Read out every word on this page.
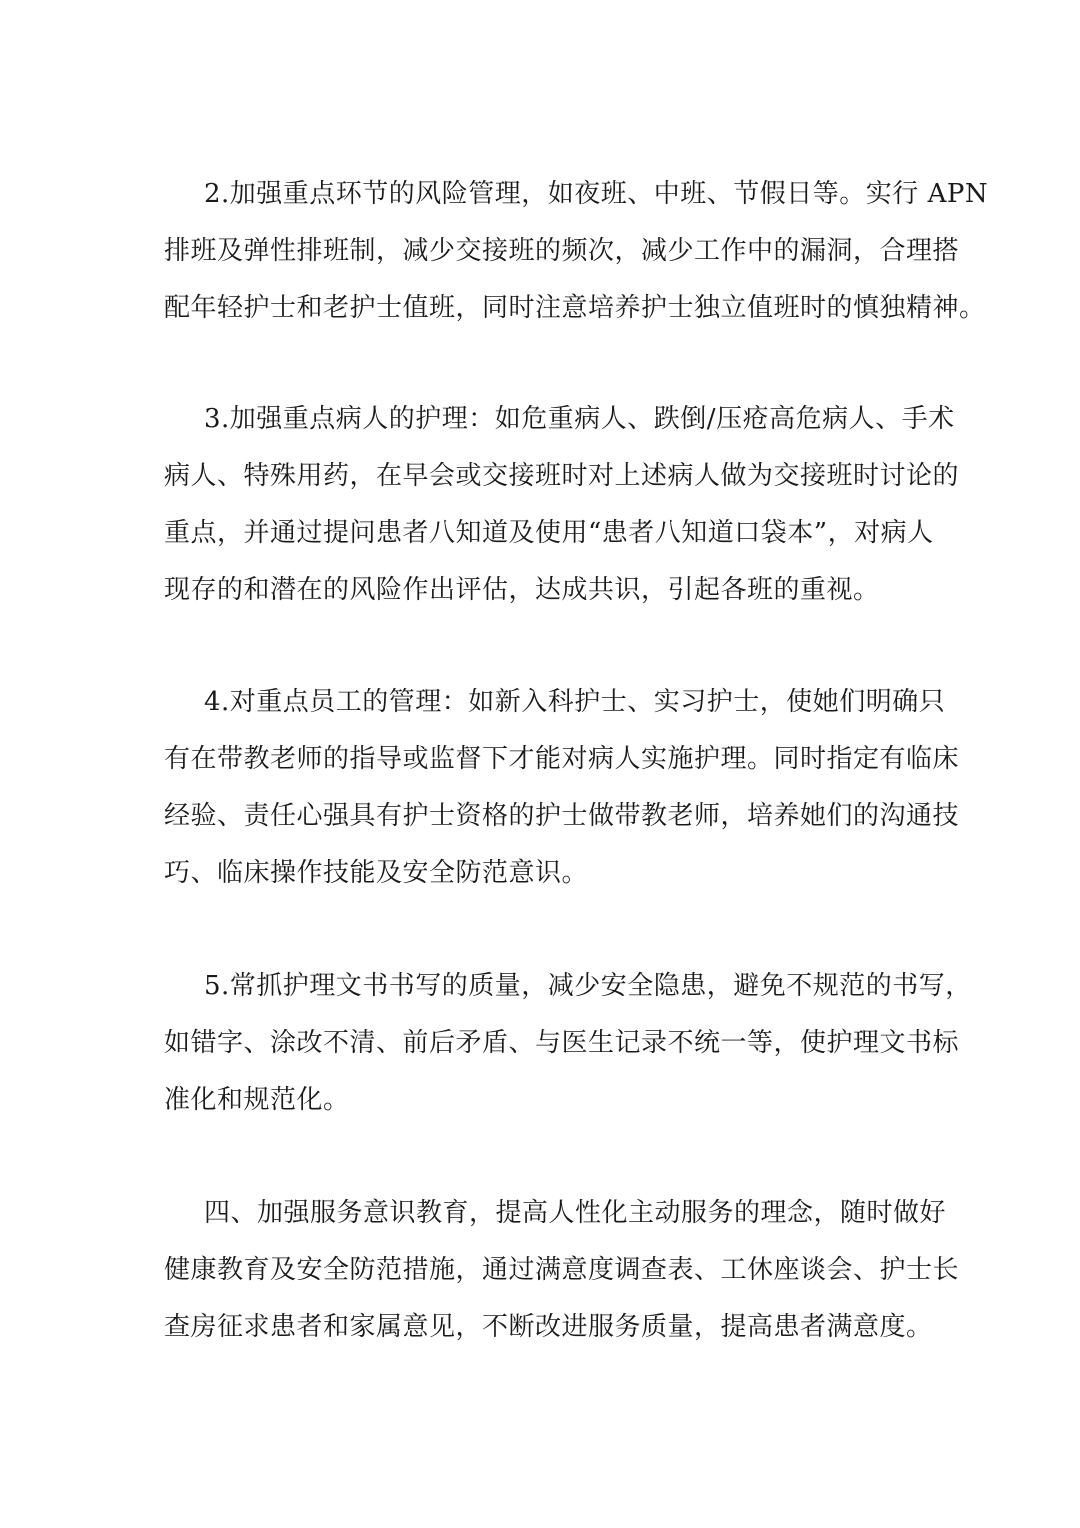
2.加强重点环节的风险管理，如夜班、中班、节假日等。实行 APN
排班及弹性排班制，减少交接班的频次，减少工作中的漏洞，合理搭
配年轻护士和老护士值班，同时注意培养护士独立值班时的慎独精神。

3.加强重点病人的护理：如危重病人、跌倒/压疮高危病人、手术
病人、特殊用药，在早会或交接班时对上述病人做为交接班时讨论的
重点，并通过提问患者八知道及使用“患者八知道口袋本”，对病人
现存的和潜在的风险作出评估，达成共识，引起各班的重视。

4.对重点员工的管理：如新入科护士、实习护士，使她们明确只
有在带教老师的指导或监督下才能对病人实施护理。同时指定有临床
经验、责任心强具有护士资格的护士做带教老师，培养她们的沟通技
巧、临床操作技能及安全防范意识。

5.常抓护理文书书写的质量，减少安全隐患，避免不规范的书写，
如错字、涂改不清、前后矛盾、与医生记录不统一等，使护理文书标
准化和规范化。

四、加强服务意识教育，提高人性化主动服务的理念，随时做好
健康教育及安全防范措施，通过满意度调查表、工休座谈会、护士长
查房征求患者和家属意见，不断改进服务质量，提高患者满意度。
